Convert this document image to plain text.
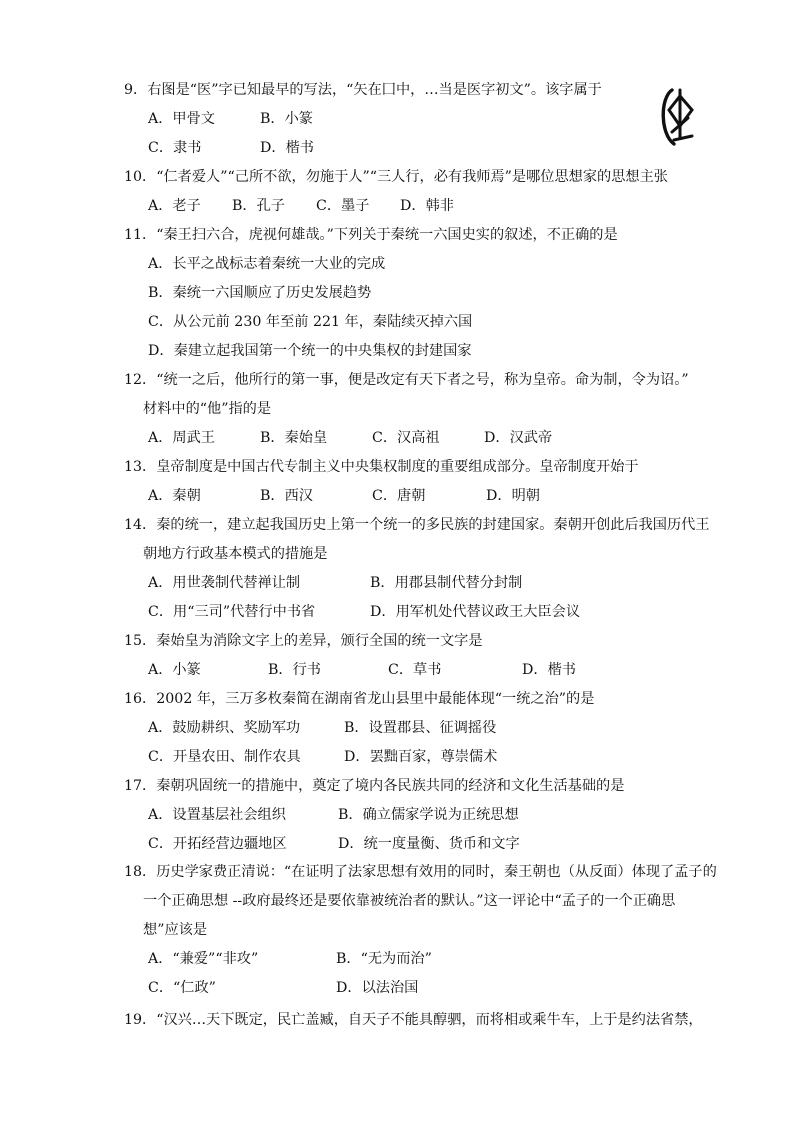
9．右图是“医”字已知最早的写法，“矢在囗中，…当是医字初文”。该字属于
A．甲骨文	B．小篆
C．隶书	D．楷书
10．“仁者爱人”“己所不欲，勿施于人”“三人行，必有我师焉”是哪位思想家的思想主张
A．老子 B．孔子 C．墨子 D．韩非
11．“秦王扫六合，虎视何雄哉。”下列关于秦统一六国史实的叙述，不正确的是
A．长平之战标志着秦统一大业的完成
B．秦统一六国顺应了历史发展趋势
C．从公元前 230 年至前 221 年，秦陆续灭掉六国
D．秦建立起我国第一个统一的中央集权的封建国家
12．“统一之后，他所行的第一事，便是改定有天下者之号，称为皇帝。命为制，令为诏。”
材料中的“他”指的是
A．周武王	B．秦始皇	C．汉高祖	D．汉武帝
13．皇帝制度是中国古代专制主义中央集权制度的重要组成部分。皇帝制度开始于
A．秦朝	B．西汉	C．唐朝	D．明朝
14．秦的统一，建立起我国历史上第一个统一的多民族的封建国家。秦朝开创此后我国历代王
朝地方行政基本模式的措施是
A．用世袭制代替禅让制	B．用郡县制代替分封制
C．用“三司”代替行中书省	D．用军机处代替议政王大臣会议
15．秦始皇为消除文字上的差异，颁行全国的统一文字是
A．小篆	B．行书	C．草书	D．楷书
16．2002 年，三万多枚秦简在湖南省龙山县里中最能体现“一统之治”的是
A．鼓励耕织、奖励军功	B．设置郡县、征调摇役
C．开垦农田、制作农具	D．罢黜百家，尊崇儒术
17．秦朝巩固统一的措施中，奠定了境内各民族共同的经济和文化生活基础的是
A．设置基层社会组织	B．确立儒家学说为正统思想
C．开拓经营边疆地区	D．统一度量衡、货币和文字
18．历史学家费正清说：“在证明了法家思想有效用的同时，秦王朝也（从反面）体现了孟子的
一个正确思想 --政府最终还是要依靠被统治者的默认。”这一评论中“孟子的一个正确思
想”应该是
A．“兼爱”“非攻”	B．“无为而治”
C．“仁政”	D．以法治国
19．“汉兴…天下既定，民亡盖臧，自天子不能具醇驷，而将相或乘牛车，上于是约法省禁，
